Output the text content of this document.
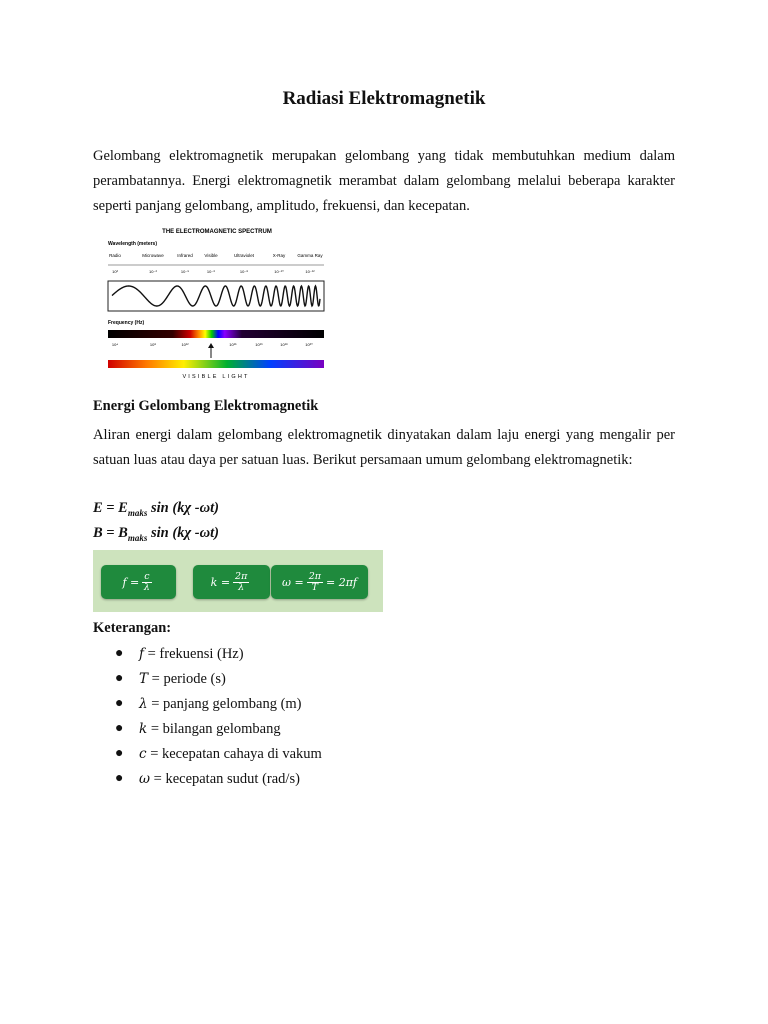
Radiasi Elektromagnetik
Gelombang elektromagnetik merupakan gelombang yang tidak membutuhkan medium dalam perambatannya. Energi elektromagnetik merambat dalam gelombang melalui beberapa karakter seperti panjang gelombang, amplitudo, frekuensi, dan kecepatan.
THE ELECTROMAGNETIC SPECTRUM
Wavelength (meters)
Radio	Microwave	Infrared	Visible	Ultraviolet	X-Ray	Gamma Ray
10³	10⁻²	10⁻⁵	10⁻⁶	10⁻⁸	10⁻¹⁰	10⁻¹²
Frequency (Hz)
10⁴	10⁸	10¹²	10¹⁵	10¹⁶	10¹⁸	10²⁰
VISIBLE LIGHT
Energi Gelombang Elektromagnetik
Aliran energi dalam gelombang elektromagnetik dinyatakan dalam laju energi yang mengalir per satuan luas atau daya per satuan luas. Berikut persamaan umum gelombang elektromagnetik:
$E = E_{maks}$ sin (kχ -ωt)
$B = B_{maks}$ sin (kχ -ωt)
$f = \frac{c}{\lambda}$	$k = \frac{2\pi}{\lambda}$	$\omega = \frac{2\pi}{T} = 2\pi f$
Keterangan:
● f = frekuensi (Hz)
● T = periode (s)
● λ = panjang gelombang (m)
● k = bilangan gelombang
● c = kecepatan cahaya di vakum
● ω = kecepatan sudut (rad/s)
